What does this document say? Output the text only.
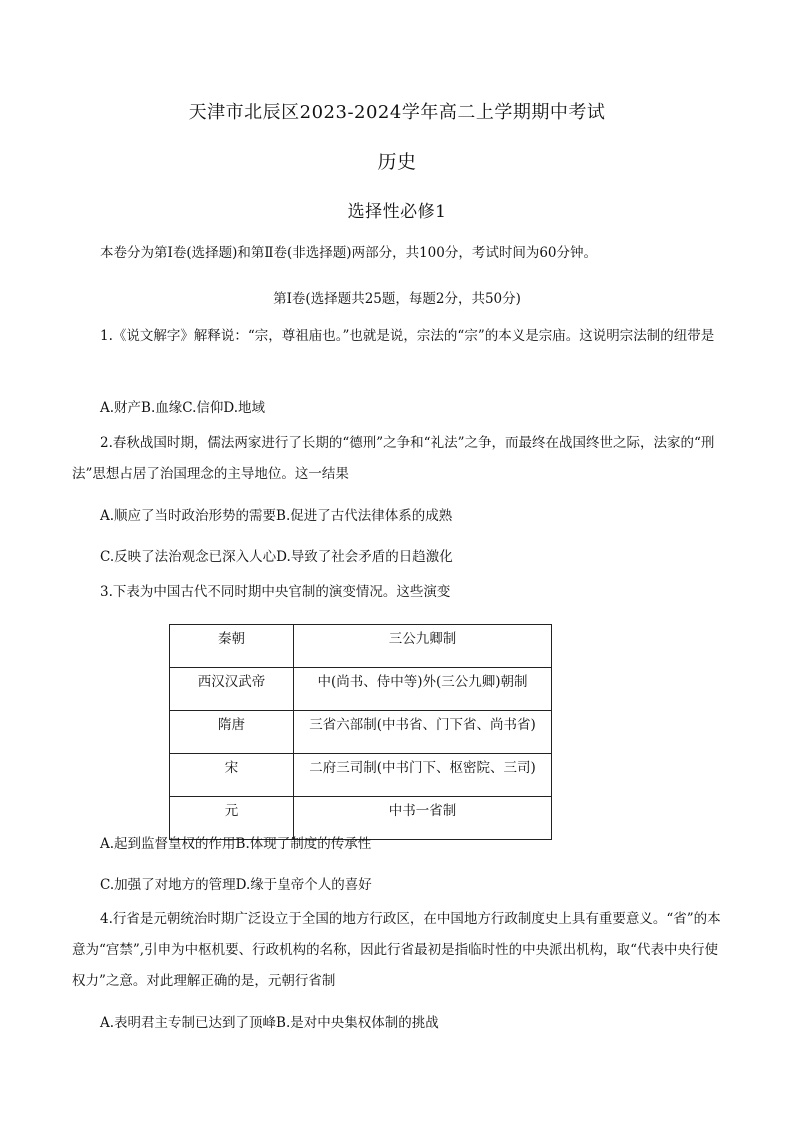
天津市北辰区2023-2024学年高二上学期期中考试
历史
选择性必修1

本卷分为第Ⅰ卷(选择题)和第Ⅱ卷(非选择题)两部分，共100分，考试时间为60分钟。

第Ⅰ卷(选择题共25题，每题2分，共50分)

1.《说文解字》解释说：“宗，尊祖庙也。”也就是说，宗法的“宗”的本义是宗庙。这说明宗法制的纽带是

A.财产B.血缘C.信仰D.地域

2.春秋战国时期，儒法两家进行了长期的“德刑”之争和“礼法”之争，而最终在战国终世之际，法家的“刑法”思想占居了治国理念的主导地位。这一结果

A.顺应了当时政治形势的需要B.促进了古代法律体系的成熟
C.反映了法治观念已深入人心D.导致了社会矛盾的日趋激化

3.下表为中国古代不同时期中央官制的演变情况。这些演变

秦朝	三公九卿制
西汉汉武帝	中(尚书、侍中等)外(三公九卿)朝制
隋唐	三省六部制(中书省、门下省、尚书省)
宋	二府三司制(中书门下、枢密院、三司)
元	中书一省制
A.起到监督皇权的作用B.体现了制度的传承性
C.加强了对地方的管理D.缘于皇帝个人的喜好

4.行省是元朝统治时期广泛设立于全国的地方行政区，在中国地方行政制度史上具有重要意义。“省”的本意为“宫禁”,引申为中枢机要、行政机构的名称，因此行省最初是指临时性的中央派出机构，取“代表中央行使权力”之意。对此理解正确的是，元朝行省制

A.表明君主专制已达到了顶峰B.是对中央集权体制的挑战
